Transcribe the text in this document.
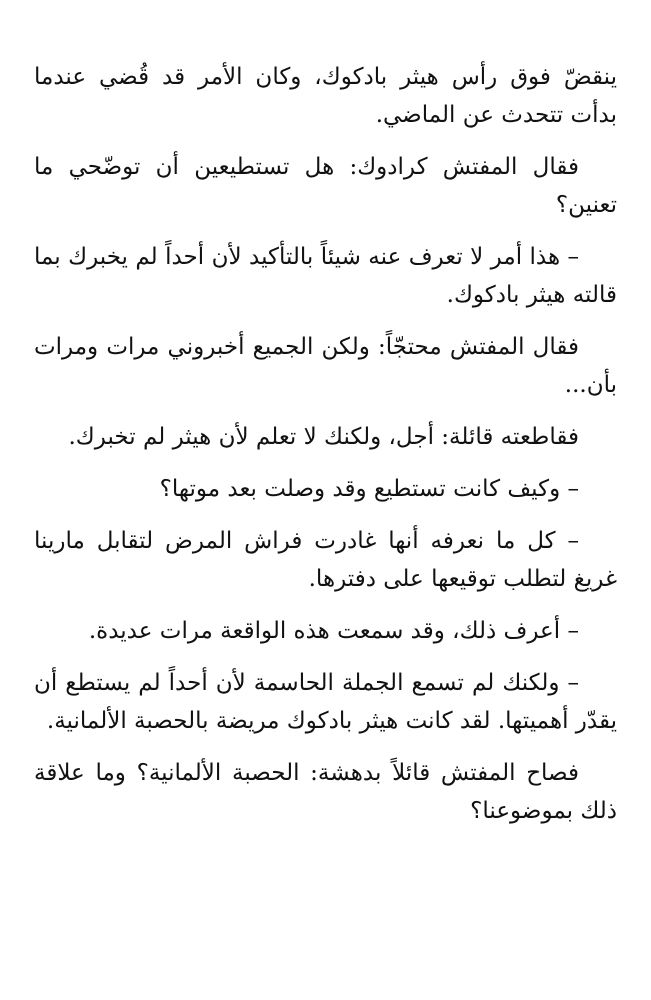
ينقضّ فوق رأس هيثر بادكوك، وكان الأمر قد قُضي عندما بدأت تتحدث عن الماضي.

فقال المفتش كرادوك: هل تستطيعين أن توضّحي ما تعنين؟

– هذا أمر لا تعرف عنه شيئاً بالتأكيد لأن أحداً لم يخبرك بما قالته هيثر بادكوك.

فقال المفتش محتجّاً: ولكن الجميع أخبروني مرات ومرات بأن...

فقاطعته قائلة: أجل، ولكنك لا تعلم لأن هيثر لم تخبرك.

– وكيف كانت تستطيع وقد وصلت بعد موتها؟

– كل ما نعرفه أنها غادرت فراش المرض لتقابل مارينا غريغ لتطلب توقيعها على دفترها.

– أعرف ذلك، وقد سمعت هذه الواقعة مرات عديدة.

– ولكنك لم تسمع الجملة الحاسمة لأن أحداً لم يستطع أن يقدّر أهميتها. لقد كانت هيثر بادكوك مريضة بالحصبة الألمانية.

فصاح المفتش قائلاً بدهشة: الحصبة الألمانية؟ وما علاقة ذلك بموضوعنا؟
